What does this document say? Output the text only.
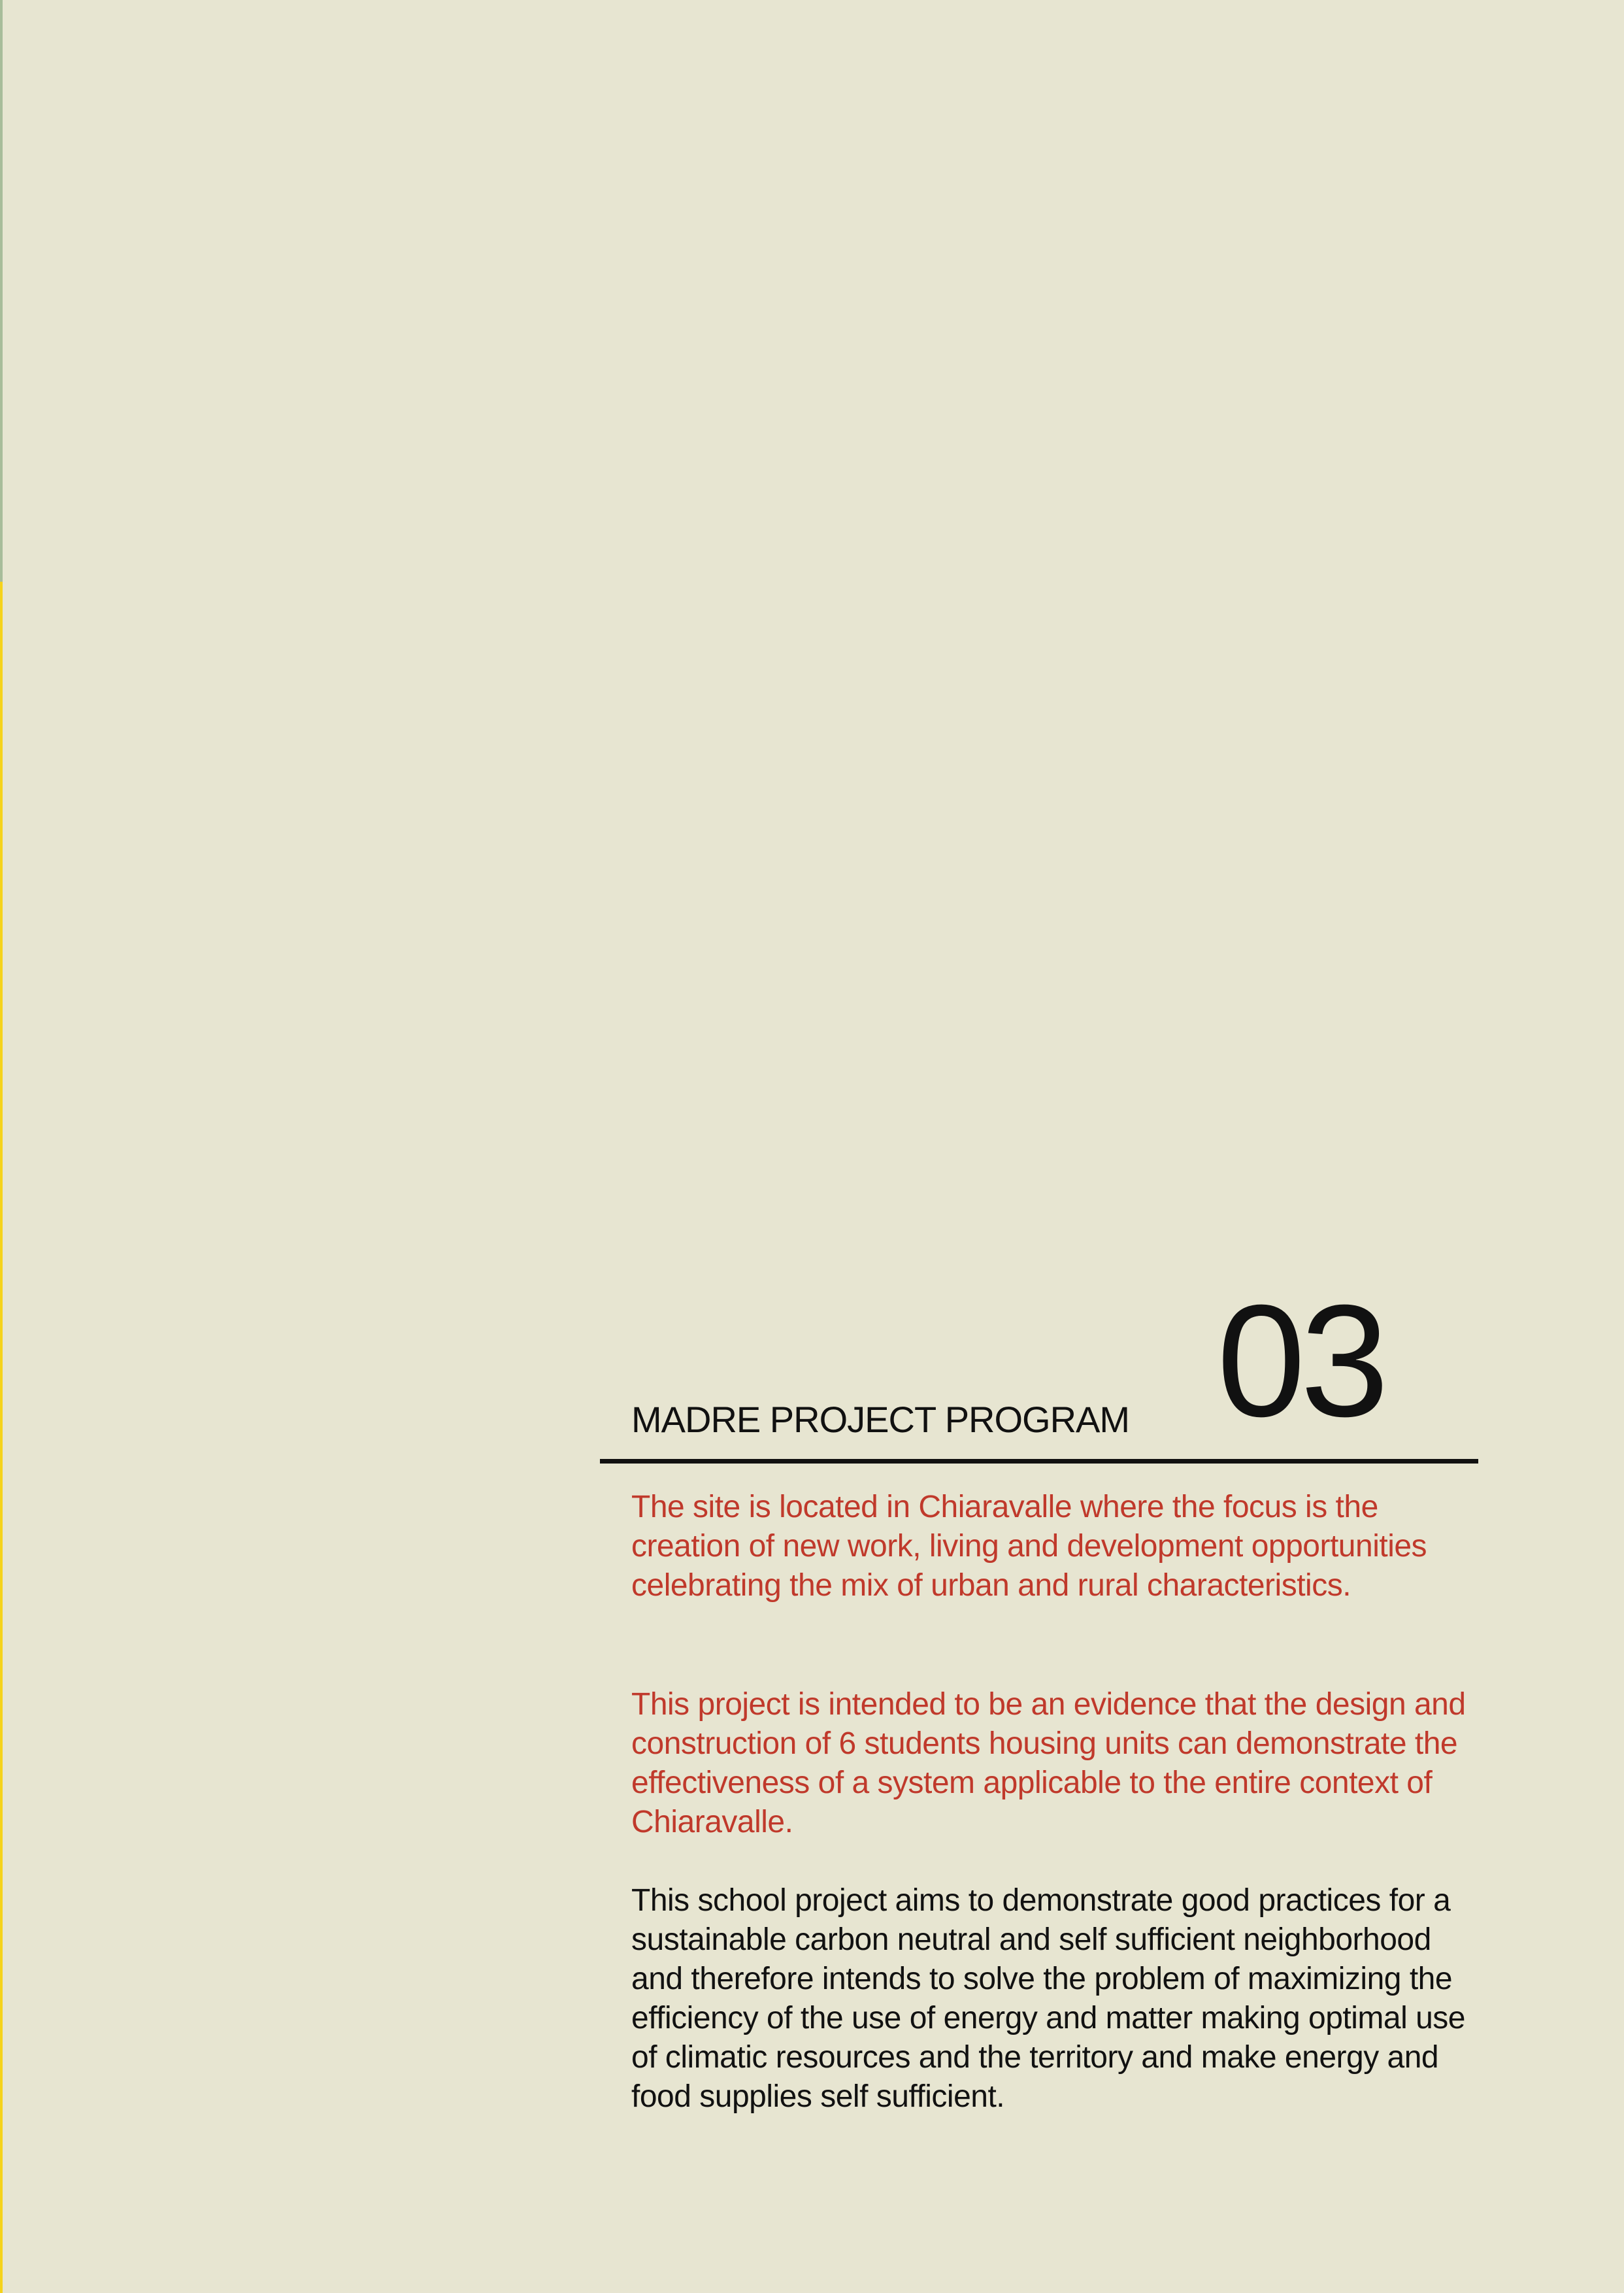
03
MADRE PROJECT PROGRAM

The site is located in Chiaravalle where the focus is the creation of new work, living and development opportunities celebrating the mix of urban and rural characteristics.

This project is intended to be an evidence that the design and construction of 6 students housing units can demonstrate the effectiveness of a system applicable to the entire context of Chiaravalle.

This school project aims to demonstrate good practices for a sustainable carbon neutral and self sufficient neighborhood and therefore intends to solve the problem of maximizing the efficiency of the use of energy and matter making optimal use of climatic resources and the territory and make energy and food supplies self sufficient.
